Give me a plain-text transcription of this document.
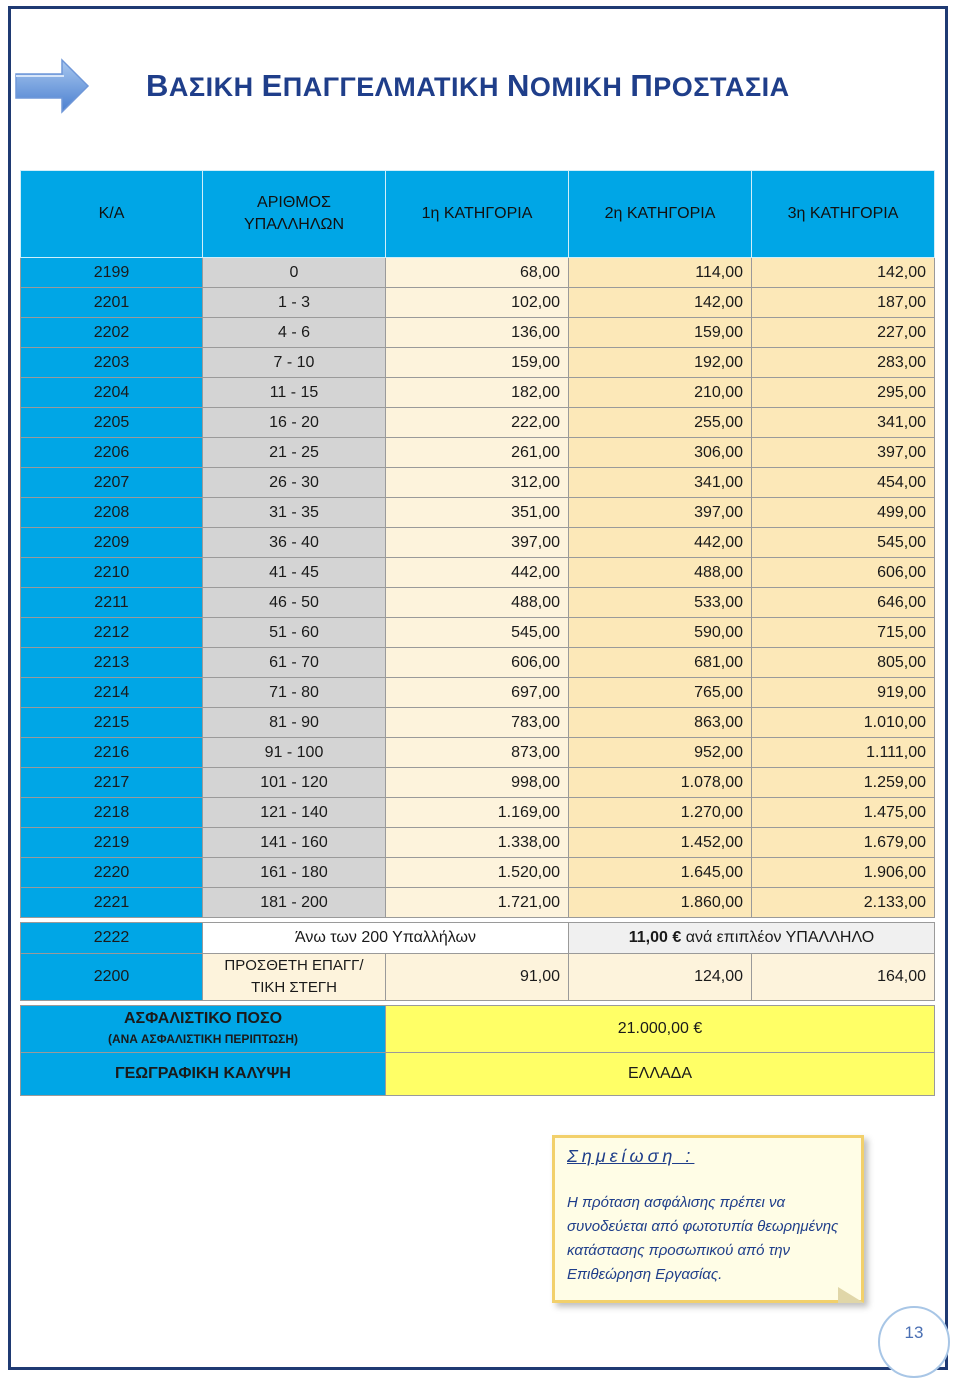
ΒΑΣΙΚΗ ΕΠΑΓΓΕΛΜΑΤΙΚΗ ΝΟΜΙΚΗ ΠΡΟΣΤΑΣΙΑ
Κ/Α	ΑΡΙΘΜΟΣ ΥΠΑΛΛΗΛΩΝ	1η ΚΑΤΗΓΟΡΙΑ	2η ΚΑΤΗΓΟΡΙΑ	3η ΚΑΤΗΓΟΡΙΑ
2199	0	68,00	114,00	142,00
2201	1 - 3	102,00	142,00	187,00
2202	4 - 6	136,00	159,00	227,00
2203	7 - 10	159,00	192,00	283,00
2204	11 - 15	182,00	210,00	295,00
2205	16 - 20	222,00	255,00	341,00
2206	21 - 25	261,00	306,00	397,00
2207	26 - 30	312,00	341,00	454,00
2208	31 - 35	351,00	397,00	499,00
2209	36 - 40	397,00	442,00	545,00
2210	41 - 45	442,00	488,00	606,00
2211	46 - 50	488,00	533,00	646,00
2212	51 - 60	545,00	590,00	715,00
2213	61 - 70	606,00	681,00	805,00
2214	71 - 80	697,00	765,00	919,00
2215	81 - 90	783,00	863,00	1.010,00
2216	91 - 100	873,00	952,00	1.111,00
2217	101 - 120	998,00	1.078,00	1.259,00
2218	121 - 140	1.169,00	1.270,00	1.475,00
2219	141 - 160	1.338,00	1.452,00	1.679,00
2220	161 - 180	1.520,00	1.645,00	1.906,00
2221	181 - 200	1.721,00	1.860,00	2.133,00

2222	Άνω των 200 Υπαλλήλων		11,00 € ανά επιπλέον ΥΠΑΛΛΗΛΟ	
2200	ΠΡΟΣΘΕΤΗ ΕΠΑΓΓ/ΤΙΚΗ ΣΤΕΓΗ	91,00	124,00	164,00

ΑΣΦΑΛΙΣΤΙΚΟ ΠΟΣΟ
(ΑΝΑ ΑΣΦΑΛΙΣΤΙΚΗ ΠΕΡΙΠΤΩΣΗ)		21.000,00 €		
ΓΕΩΓΡΑΦΙΚΗ ΚΑΛΥΨΗ		ΕΛΛΑΔΑ		
Σημείωση :
Η πρόταση ασφάλισης πρέπει να συνοδεύεται από φωτοτυπία θεωρημένης κατάστασης προσωπικού από την Επιθεώρηση Εργασίας.
13
